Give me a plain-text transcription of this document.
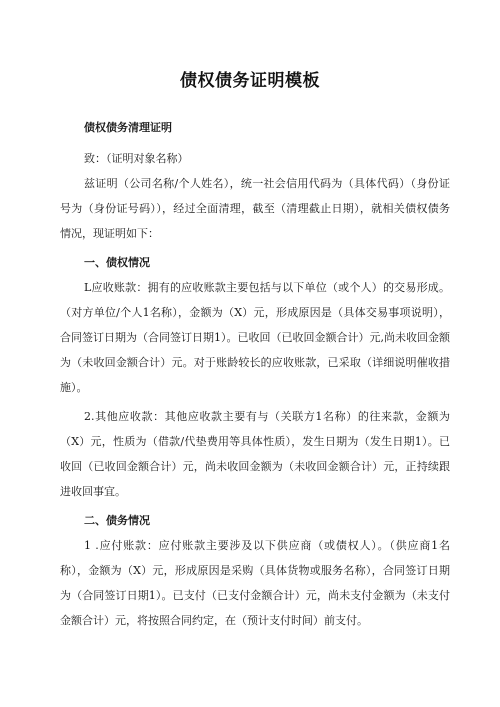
债权债务证明模板

债权债务清理证明

致：（证明对象名称）

兹证明（公司名称/个人姓名），统一社会信用代码为（具体代码）（身份证号为（身份证号码）），经过全面清理，截至（清理截止日期），就相关债权债务情况，现证明如下：

一、债权情况

L应收账款：拥有的应收账款主要包括与以下单位（或个人）的交易形成。（对方单位/个人1名称），金额为（X）元，形成原因是（具体交易事项说明），合同签订日期为（合同签订日期1）。已收回（已收回金额合计）元,尚未收回金额为（未收回金额合计）元。对于账龄较长的应收账款，已采取（详细说明催收措施）。

2.其他应收款：其他应收款主要有与（关联方1名称）的往来款，金额为（X）元，性质为（借款/代垫费用等具体性质），发生日期为（发生日期1）。已收回（已收回金额合计）元，尚未收回金额为（未收回金额合计）元，正持续跟进收回事宜。

二、债务情况

1 .应付账款：应付账款主要涉及以下供应商（或债权人）。（供应商1名称），金额为（X）元，形成原因是采购（具体货物或服务名称），合同签订日期为（合同签订日期1）。已支付（已支付金额合计）元，尚未支付金额为（未支付金额合计）元，将按照合同约定，在（预计支付时间）前支付。
